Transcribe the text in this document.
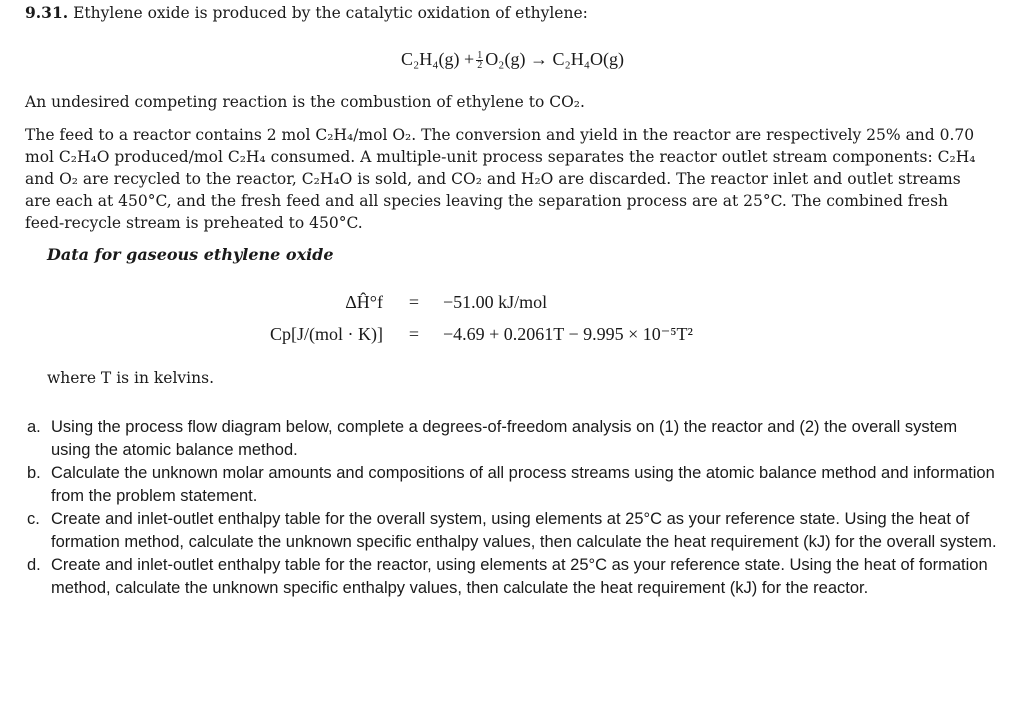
9.31. Ethylene oxide is produced by the catalytic oxidation of ethylene:
$C_2H_4(g) + \frac{1}{2} O_2(g) \to C_2H_4O(g)$
An undesired competing reaction is the combustion of ethylene to CO₂.
The feed to a reactor contains 2 mol C₂H₄/mol O₂. The conversion and yield in the reactor are respectively 25% and 0.70 mol C₂H₄O produced/mol C₂H₄ consumed. A multiple-unit process separates the reactor outlet stream components: C₂H₄ and O₂ are recycled to the reactor, C₂H₄O is sold, and CO₂ and H₂O are discarded. The reactor inlet and outlet streams are each at 450°C, and the fresh feed and all species leaving the separation process are at 25°C. The combined fresh feed-recycle stream is preheated to 450°C.
Data for gaseous ethylene oxide
ΔĤ°f	=	−51.00 kJ/mol
Cp[J/(mol · K)]	=	−4.69 + 0.2061T − 9.995 × 10⁻⁵T²
where T is in kelvins.
a. Using the process flow diagram below, complete a degrees-of-freedom analysis on (1) the reactor and (2) the overall system using the atomic balance method.
b. Calculate the unknown molar amounts and compositions of all process streams using the atomic balance method and information from the problem statement.
c. Create and inlet-outlet enthalpy table for the overall system, using elements at 25°C as your reference state. Using the heat of formation method, calculate the unknown specific enthalpy values, then calculate the heat requirement (kJ) for the overall system.
d. Create and inlet-outlet enthalpy table for the reactor, using elements at 25°C as your reference state. Using the heat of formation method, calculate the unknown specific enthalpy values, then calculate the heat requirement (kJ) for the reactor.
